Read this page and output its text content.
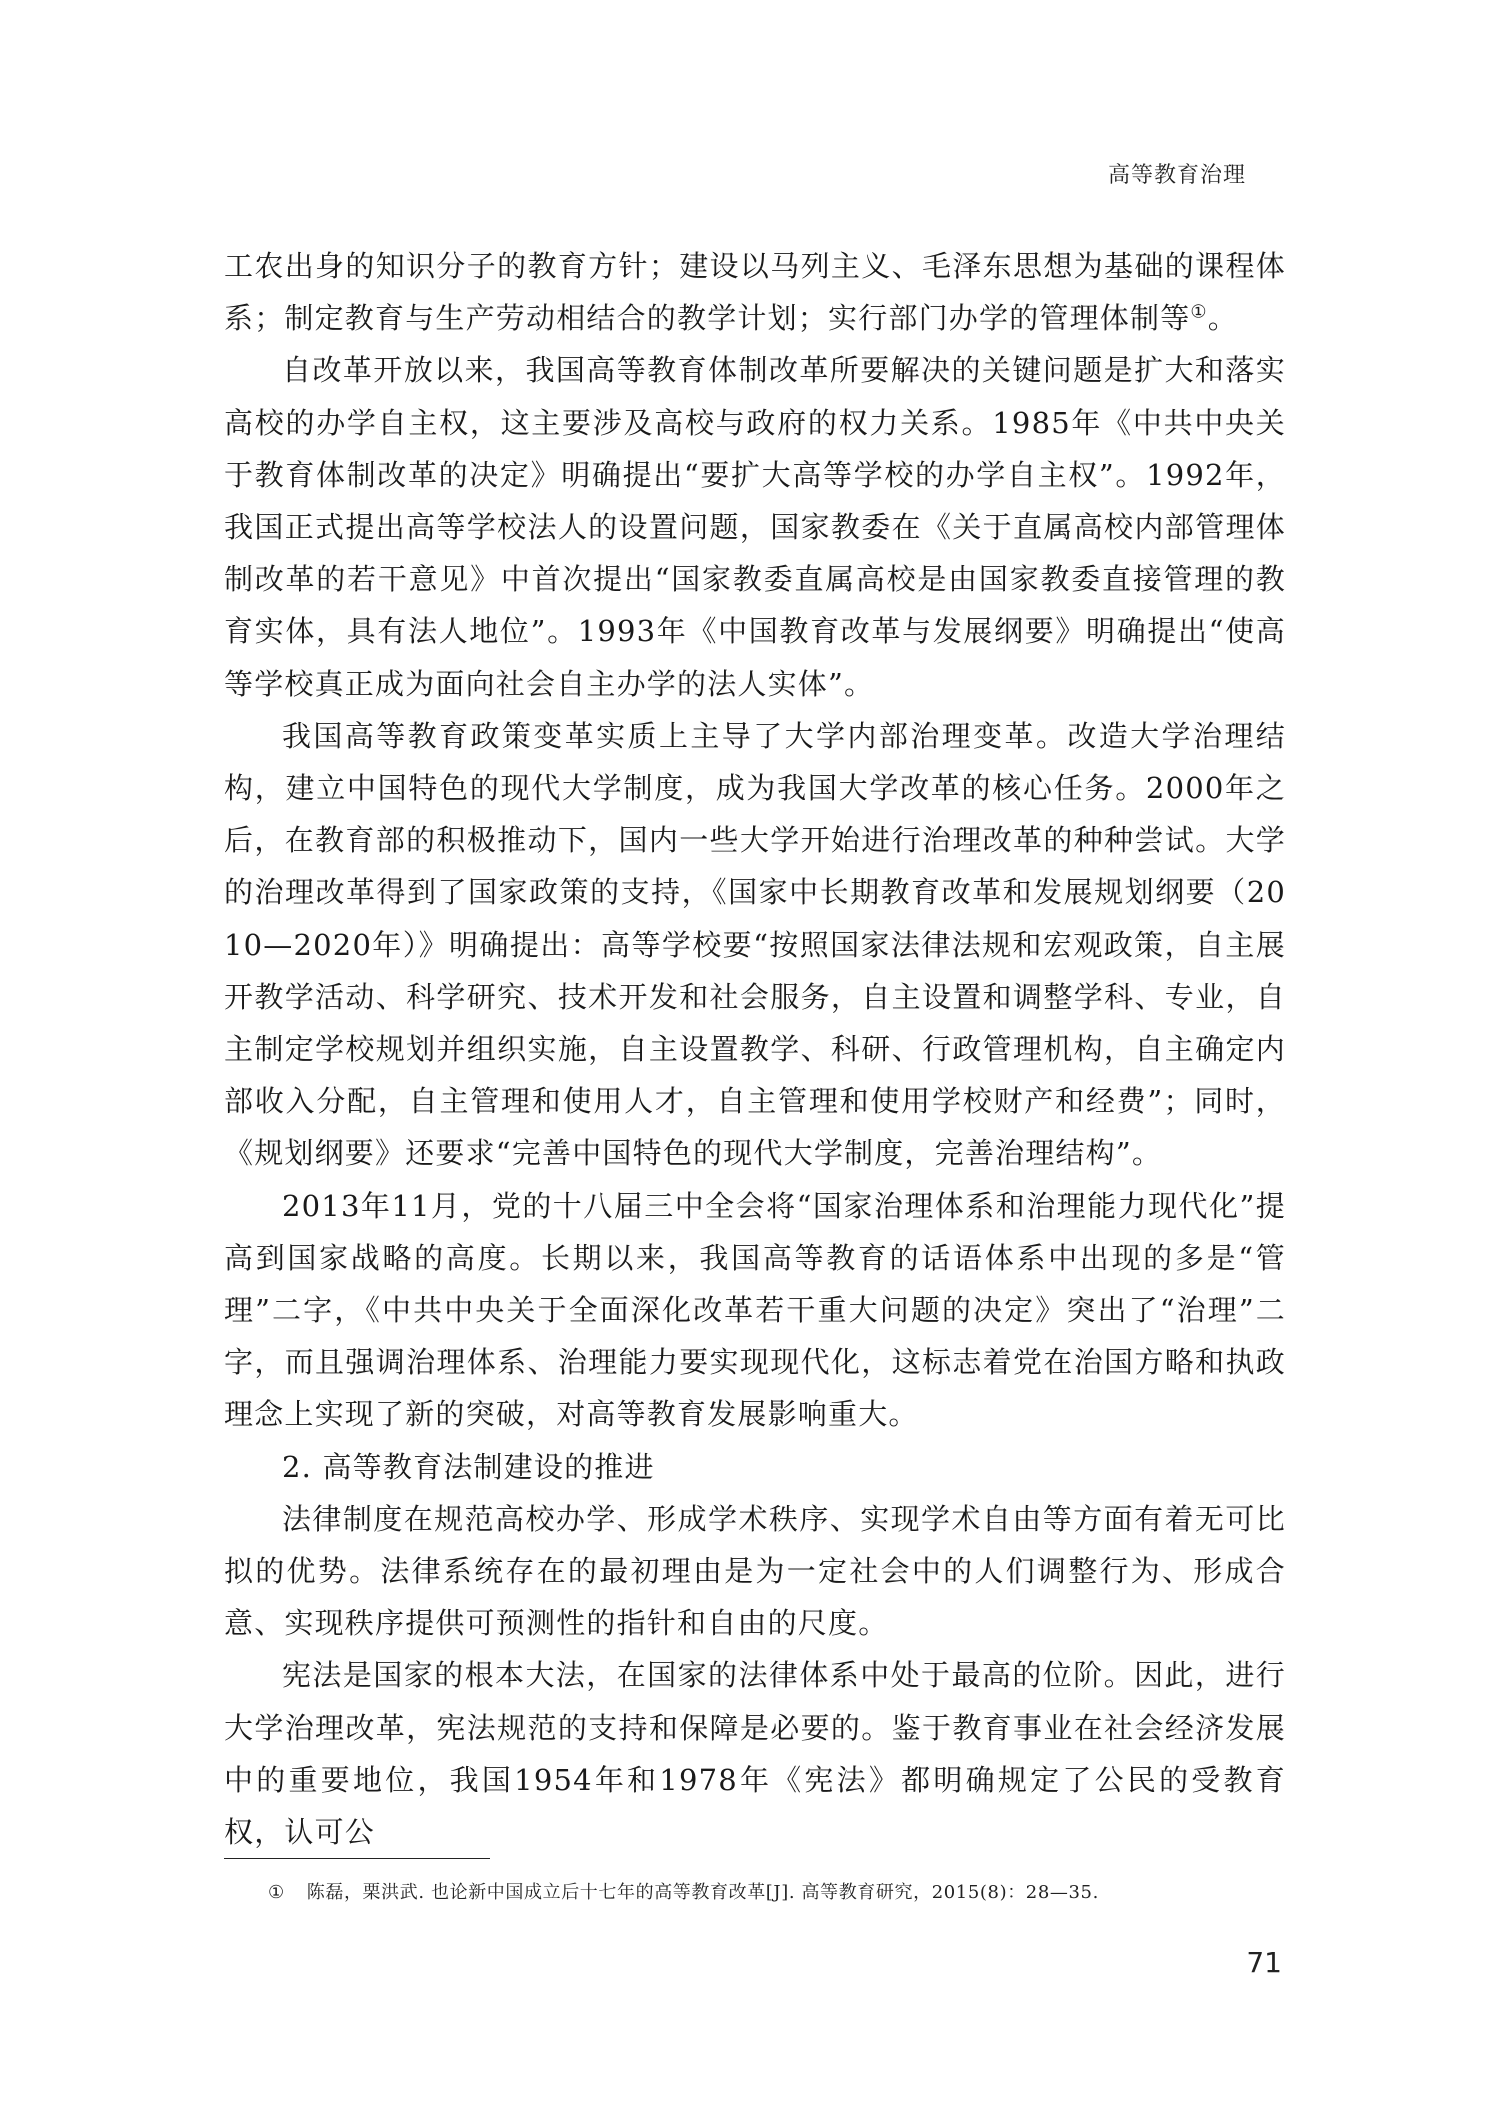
高等教育治理

工农出身的知识分子的教育方针；建设以马列主义、毛泽东思想为基础的课程体系；制定教育与生产劳动相结合的教学计划；实行部门办学的管理体制等①。

自改革开放以来，我国高等教育体制改革所要解决的关键问题是扩大和落实高校的办学自主权，这主要涉及高校与政府的权力关系。1985年《中共中央关于教育体制改革的决定》明确提出“要扩大高等学校的办学自主权”。1992年，我国正式提出高等学校法人的设置问题，国家教委在《关于直属高校内部管理体制改革的若干意见》中首次提出“国家教委直属高校是由国家教委直接管理的教育实体，具有法人地位”。1993年《中国教育改革与发展纲要》明确提出“使高等学校真正成为面向社会自主办学的法人实体”。

我国高等教育政策变革实质上主导了大学内部治理变革。改造大学治理结构，建立中国特色的现代大学制度，成为我国大学改革的核心任务。2000年之后，在教育部的积极推动下，国内一些大学开始进行治理改革的种种尝试。大学的治理改革得到了国家政策的支持，《国家中长期教育改革和发展规划纲要（2010—2020年）》明确提出：高等学校要“按照国家法律法规和宏观政策，自主展开教学活动、科学研究、技术开发和社会服务，自主设置和调整学科、专业，自主制定学校规划并组织实施，自主设置教学、科研、行政管理机构，自主确定内部收入分配，自主管理和使用人才，自主管理和使用学校财产和经费”；同时，《规划纲要》还要求“完善中国特色的现代大学制度，完善治理结构”。

2013年11月，党的十八届三中全会将“国家治理体系和治理能力现代化”提高到国家战略的高度。长期以来，我国高等教育的话语体系中出现的多是“管理”二字，《中共中央关于全面深化改革若干重大问题的决定》突出了“治理”二字，而且强调治理体系、治理能力要实现现代化，这标志着党在治国方略和执政理念上实现了新的突破，对高等教育发展影响重大。

2. 高等教育法制建设的推进

法律制度在规范高校办学、形成学术秩序、实现学术自由等方面有着无可比拟的优势。法律系统存在的最初理由是为一定社会中的人们调整行为、形成合意、实现秩序提供可预测性的指针和自由的尺度。

宪法是国家的根本大法，在国家的法律体系中处于最高的位阶。因此，进行大学治理改革，宪法规范的支持和保障是必要的。鉴于教育事业在社会经济发展中的重要地位，我国1954年和1978年《宪法》都明确规定了公民的受教育权，认可公

① 陈磊，栗洪武. 也论新中国成立后十七年的高等教育改革[J]. 高等教育研究，2015(8)：28—35.
71
